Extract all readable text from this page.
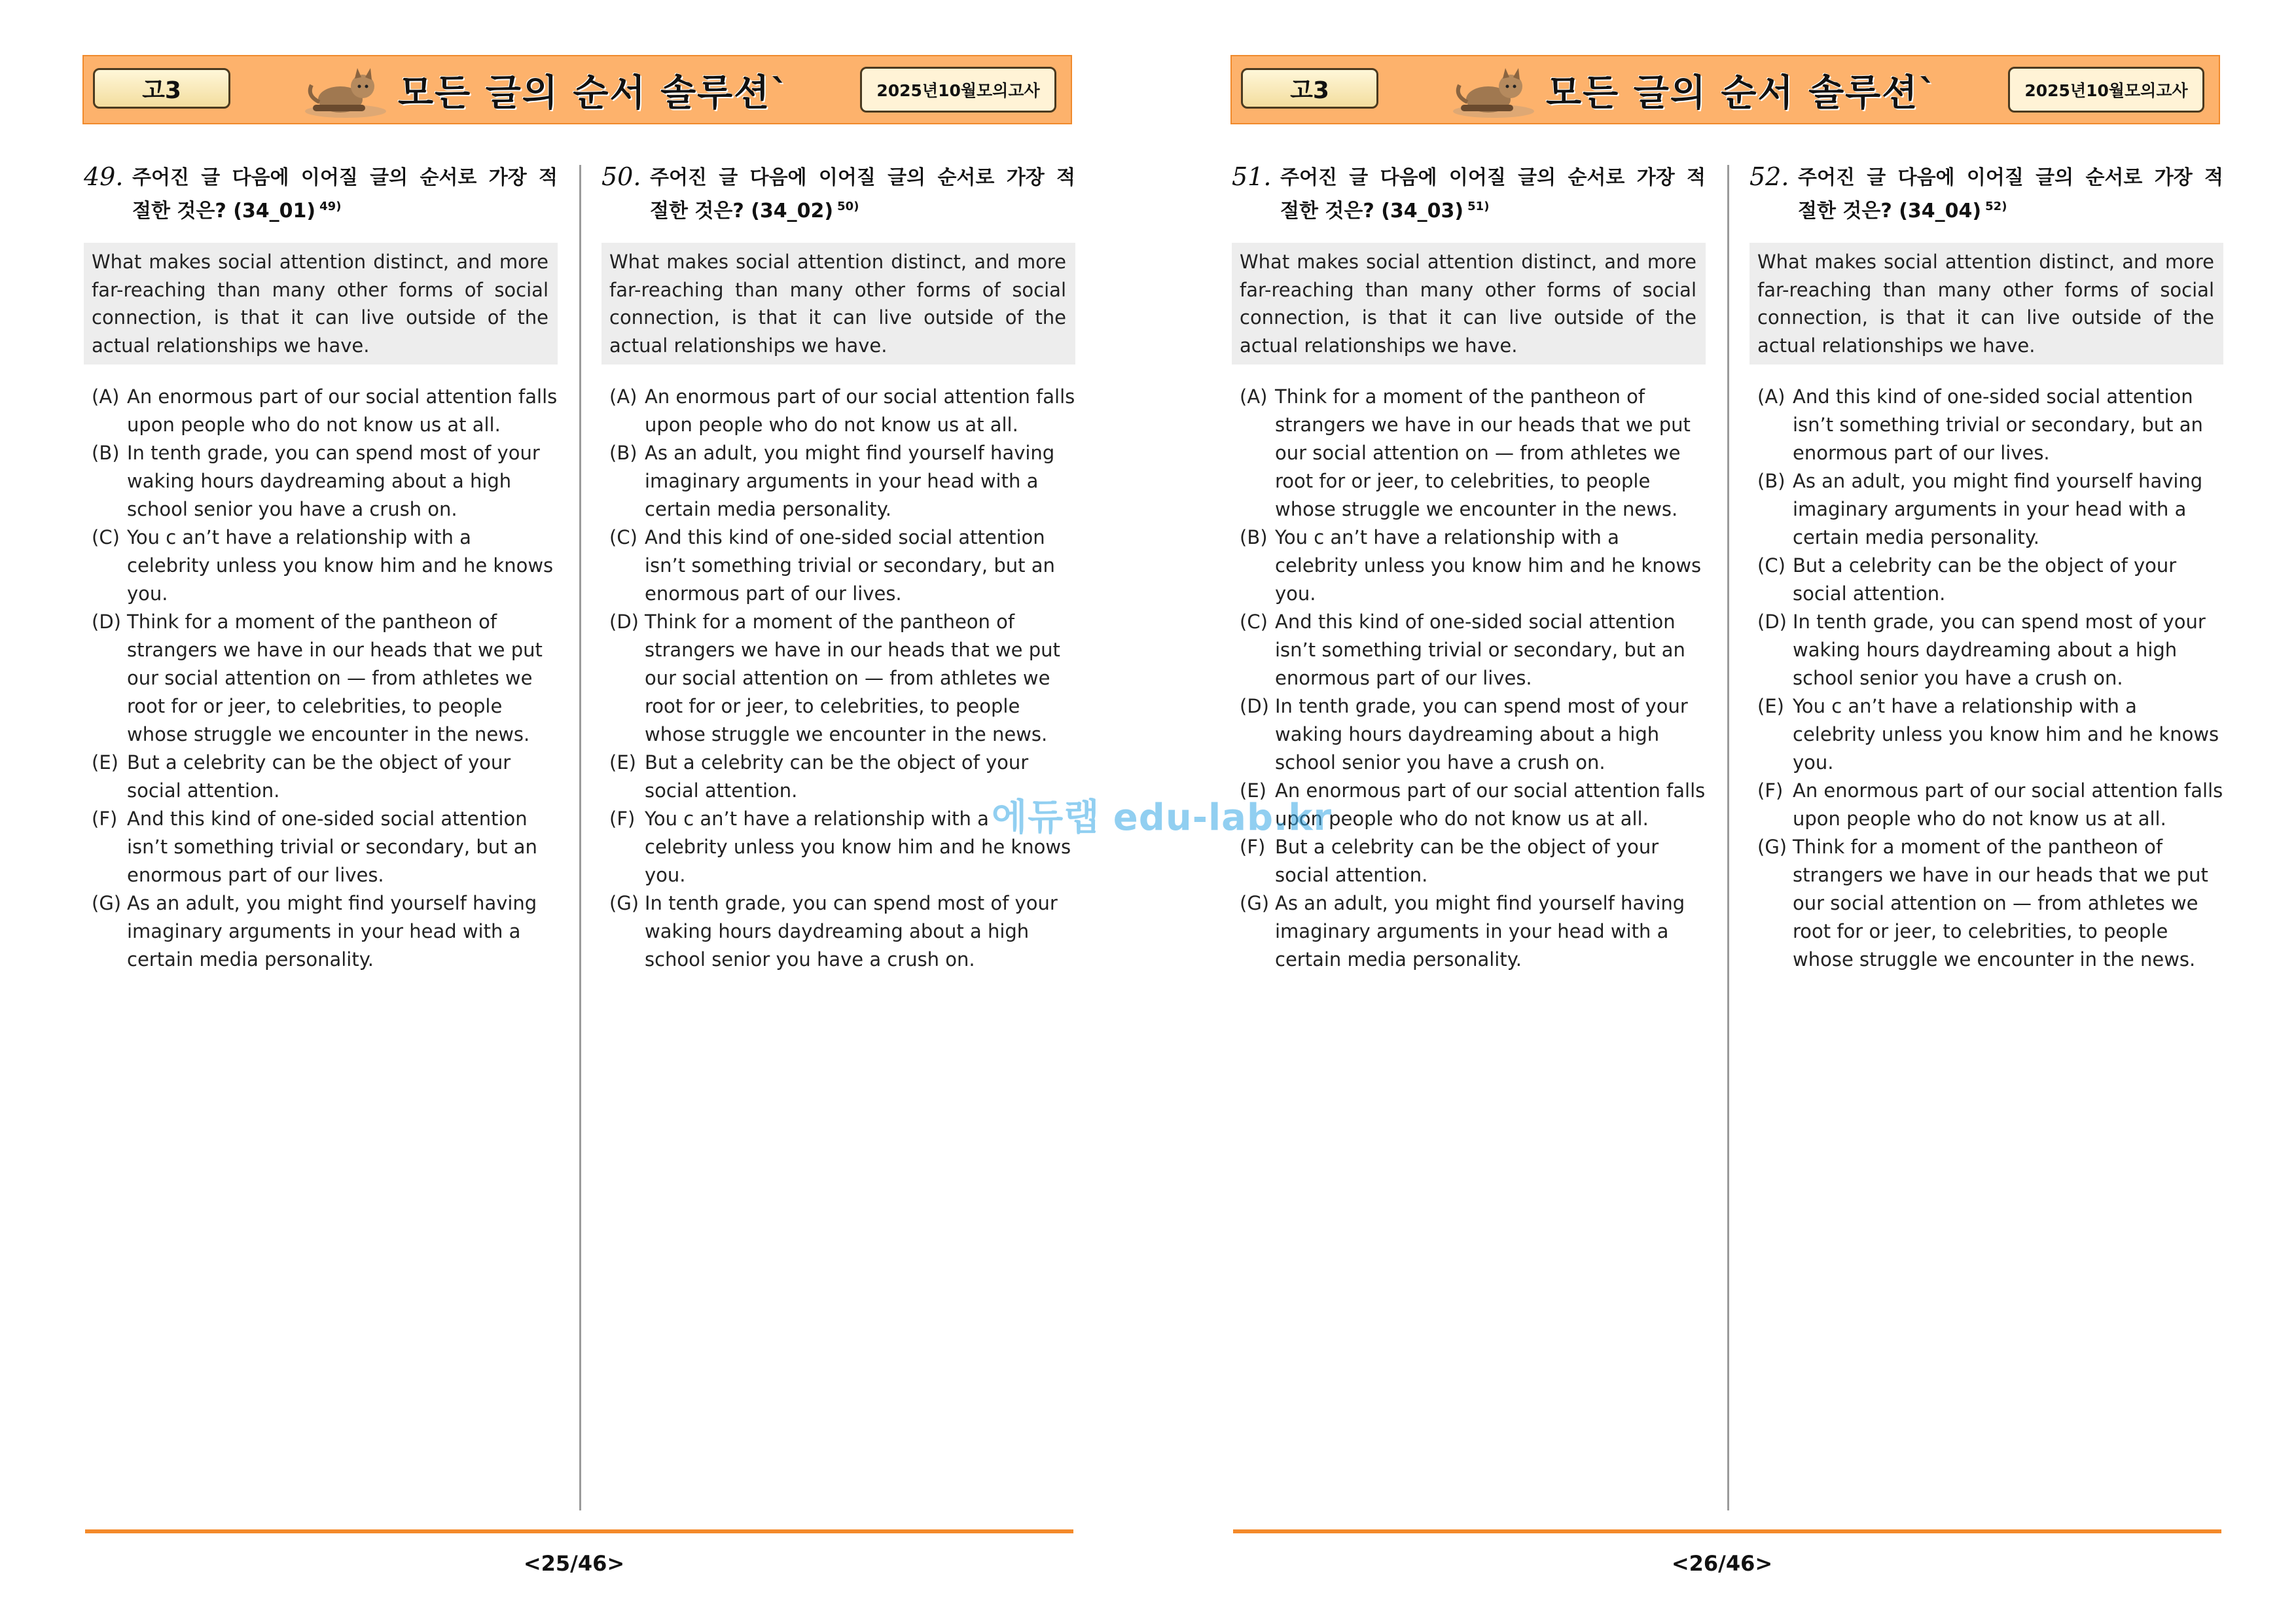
고3	모든 글의 순서 솔루션`	2025년10월모의고사
49. 주어진 글 다음에 이어질 글의 순서로 가장 적
절한 것은? (34_01) $^{49)}$
What makes social attention distinct, and more far-reaching than many other forms of social connection, is that it can live outside of the actual relationships we have.
(A) An enormous part of our social attention falls upon people who do not know us at all.
(B) In tenth grade, you can spend most of your waking hours daydreaming about a high school senior you have a crush on.
(C) You c an’t have a relationship with a celebrity unless you know him and he knows you.
(D) Think for a moment of the pantheon of strangers we have in our heads that we put our social attention on — from athletes we root for or jeer, to celebrities, to people whose struggle we encounter in the news.
(E) But a celebrity can be the object of your social attention.
(F) And this kind of one-sided social attention isn’t something trivial or secondary, but an enormous part of our lives.
(G) As an adult, you might find yourself having imaginary arguments in your head with a certain media personality.
50. 주어진 글 다음에 이어질 글의 순서로 가장 적
절한 것은? (34_02) $^{50)}$
What makes social attention distinct, and more far-reaching than many other forms of social connection, is that it can live outside of the actual relationships we have.
(A) An enormous part of our social attention falls upon people who do not know us at all.
(B) As an adult, you might find yourself having imaginary arguments in your head with a certain media personality.
(C) And this kind of one-sided social attention isn’t something trivial or secondary, but an enormous part of our lives.
(D) Think for a moment of the pantheon of strangers we have in our heads that we put our social attention on — from athletes we root for or jeer, to celebrities, to people whose struggle we encounter in the news.
(E) But a celebrity can be the object of your social attention.
(F) You c an’t have a relationship with a celebrity unless you know him and he knows you.
(G) In tenth grade, you can spend most of your waking hours daydreaming about a high school senior you have a crush on.
<25/46>
고3	모든 글의 순서 솔루션`	2025년10월모의고사
51. 주어진 글 다음에 이어질 글의 순서로 가장 적
절한 것은? (34_03) $^{51)}$
What makes social attention distinct, and more far-reaching than many other forms of social connection, is that it can live outside of the actual relationships we have.
(A) Think for a moment of the pantheon of strangers we have in our heads that we put our social attention on — from athletes we root for or jeer, to celebrities, to people whose struggle we encounter in the news.
(B) You c an’t have a relationship with a celebrity unless you know him and he knows you.
(C) And this kind of one-sided social attention isn’t something trivial or secondary, but an enormous part of our lives.
(D) In tenth grade, you can spend most of your waking hours daydreaming about a high school senior you have a crush on.
(E) An enormous part of our social attention falls upon people who do not know us at all.
(F) But a celebrity can be the object of your social attention.
(G) As an adult, you might find yourself having imaginary arguments in your head with a certain media personality.
52. 주어진 글 다음에 이어질 글의 순서로 가장 적
절한 것은? (34_04) $^{52)}$
What makes social attention distinct, and more far-reaching than many other forms of social connection, is that it can live outside of the actual relationships we have.
(A) And this kind of one-sided social attention isn’t something trivial or secondary, but an enormous part of our lives.
(B) As an adult, you might find yourself having imaginary arguments in your head with a certain media personality.
(C) But a celebrity can be the object of your social attention.
(D) In tenth grade, you can spend most of your waking hours daydreaming about a high school senior you have a crush on.
(E) You c an’t have a relationship with a celebrity unless you know him and he knows you.
(F) An enormous part of our social attention falls upon people who do not know us at all.
(G) Think for a moment of the pantheon of strangers we have in our heads that we put our social attention on — from athletes we root for or jeer, to celebrities, to people whose struggle we encounter in the news.
<26/46>
에듀랩 edu-lab.kr
